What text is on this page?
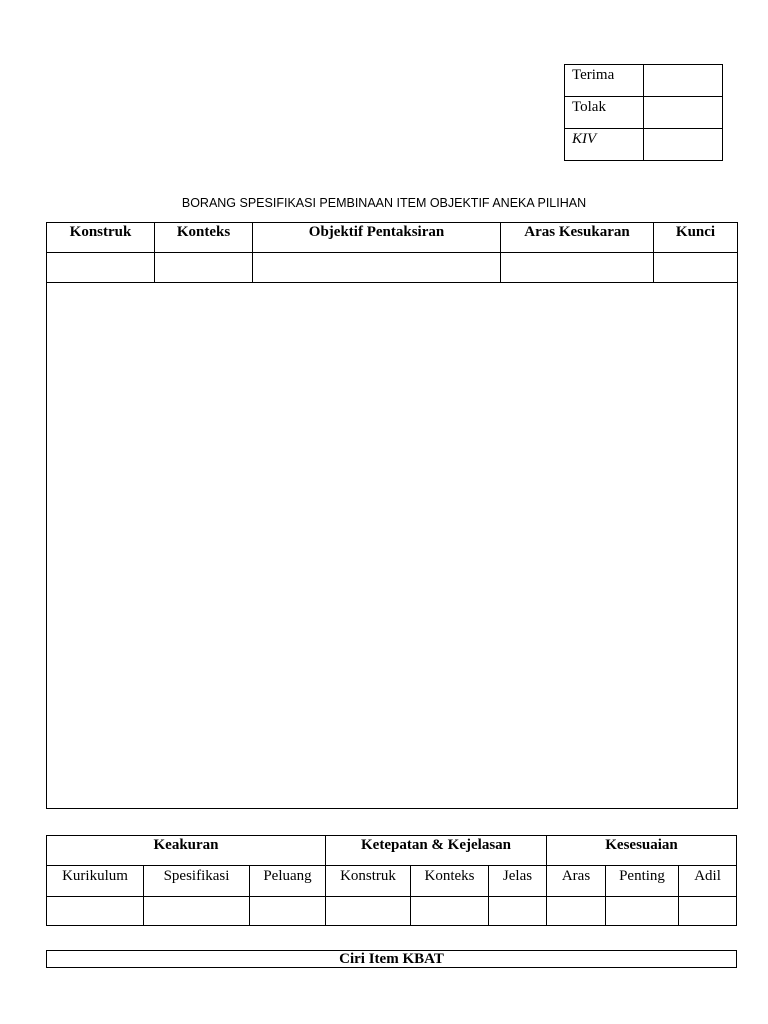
Terima	
Tolak	
KIV	
BORANG SPESIFIKASI PEMBINAAN ITEM OBJEKTIF ANEKA PILIHAN
Konstruk	Konteks	Objektif Pentaksiran	Aras Kesukaran	Kunci

Keakuran			Ketepatan & Kejelasan			Kesesuaian		
Kurikulum	Spesifikasi	Peluang	Konstruk	Konteks	Jelas	Aras	Penting	Adil

Ciri Item KBAT
